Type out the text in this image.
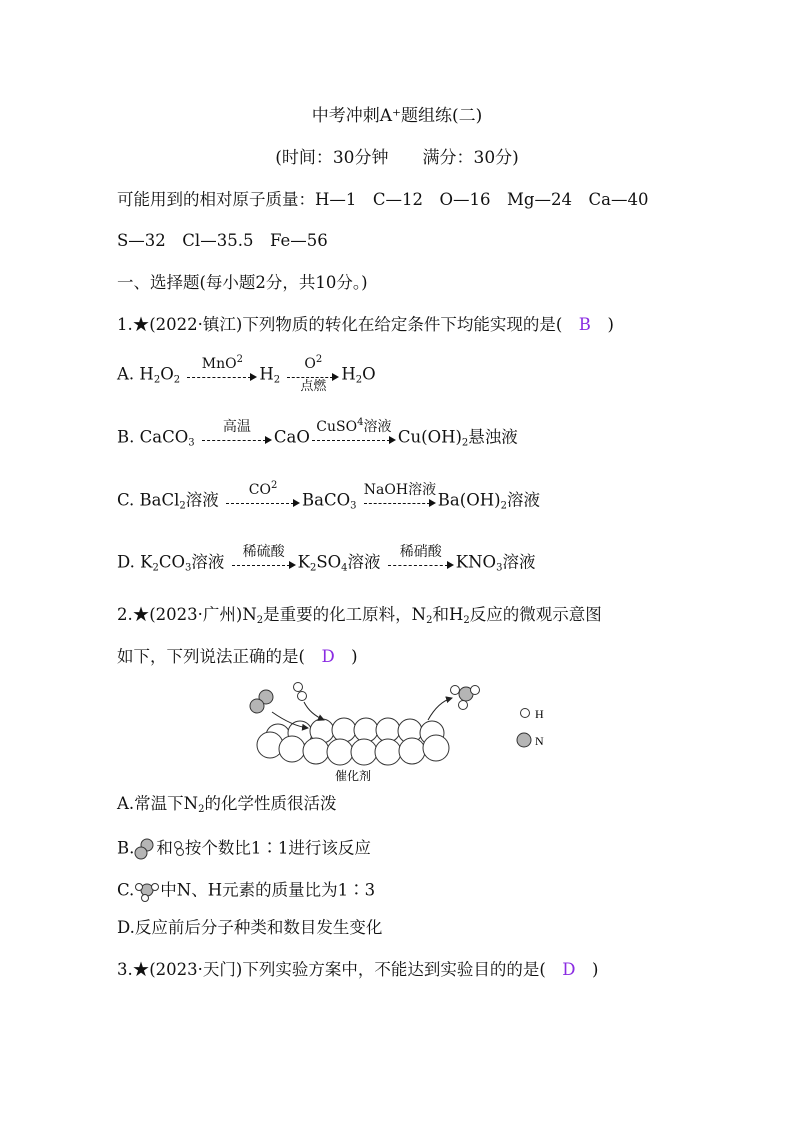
中考冲刺A⁺题组练(二)
(时间：30分钟　　满分：30分)
可能用到的相对原子质量：H—1　C—12　O—16　Mg—24　Ca—40
S—32　Cl—35.5　Fe—56
一、选择题(每小题2分，共10分。)
1.★(2022·镇江)下列物质的转化在给定条件下均能实现的是(　B　)
A. $H_2O_2$
MnO$^2$
$H_2$
$O^2$
点燃
$H_2O$
B. CaCO$_3$
高温
CaO
CuSO$^4$溶液
$Cu(OH)_2$悬浊液
C. BaCl$_2$溶液
$CO^2$
BaCO$_3$
NaOH溶液
$Ba(OH)_2$溶液
D. $K_2CO_3$溶液
稀硫酸
$K_2SO_4$溶液
稀硝酸
$KNO_3$溶液
2.★(2023·广州)$N_2$是重要的化工原料，$N_2$和$H_2$反应的微观示意图
如下，下列说法正确的是(　D　)
H
N
催化剂
A.常温下$N_2$的化学性质很活泼
B. 和 按个数比1∶1进行该反应
C. 中N、H元素的质量比为1∶3
D.反应前后分子种类和数目发生变化
3.★(2023·天门)下列实验方案中，不能达到实验目的的是(　D　)
